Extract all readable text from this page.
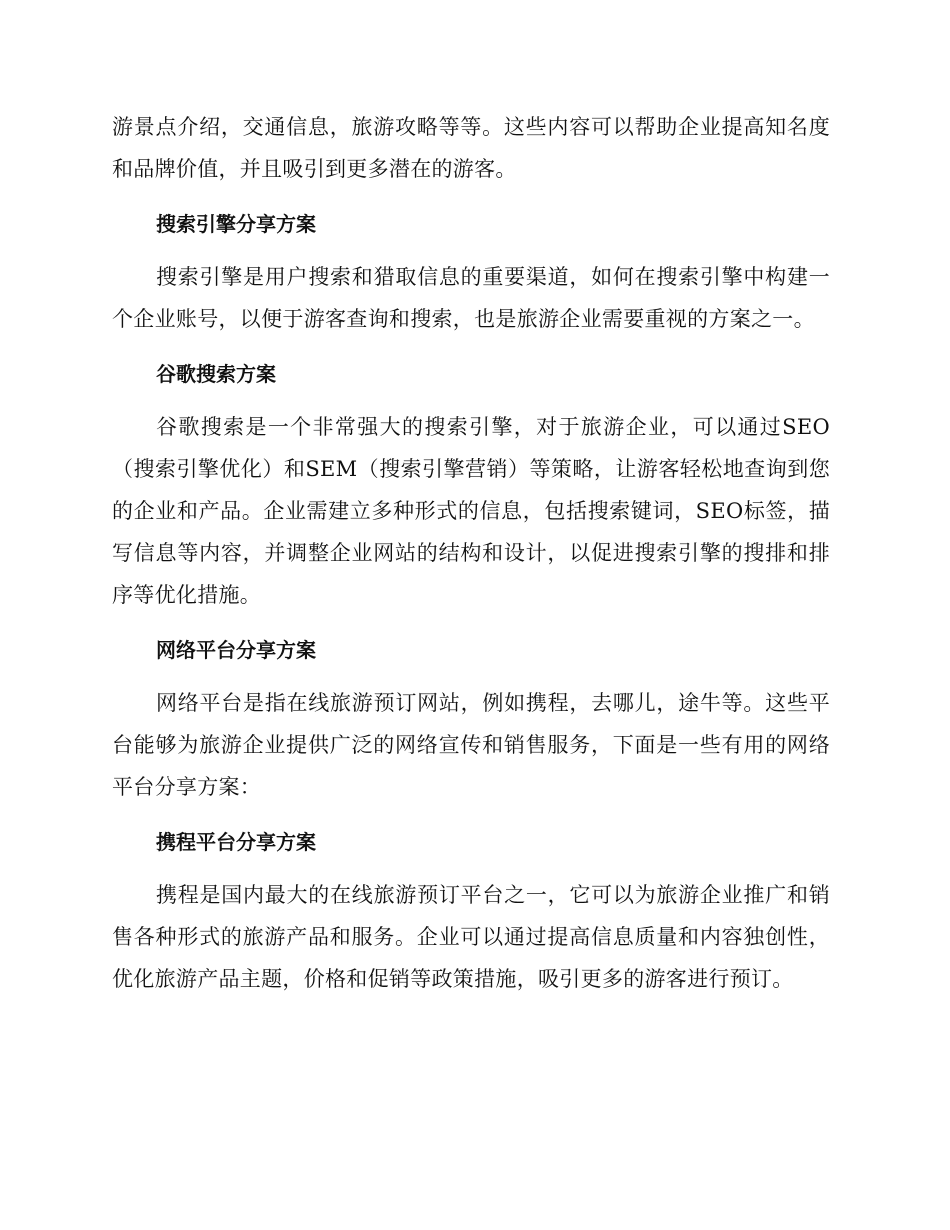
游景点介绍，交通信息，旅游攻略等等。这些内容可以帮助企业提高知名度和品牌价值，并且吸引到更多潜在的游客。

搜索引擎分享方案

搜索引擎是用户搜索和猎取信息的重要渠道，如何在搜索引擎中构建一个企业账号，以便于游客查询和搜索，也是旅游企业需要重视的方案之一。

谷歌搜索方案

谷歌搜索是一个非常强大的搜索引擎，对于旅游企业，可以通过SEO（搜索引擎优化）和SEM（搜索引擎营销）等策略，让游客轻松地查询到您的企业和产品。企业需建立多种形式的信息，包括搜索键词，SEO标签，描写信息等内容，并调整企业网站的结构和设计，以促进搜索引擎的搜排和排序等优化措施。

网络平台分享方案

网络平台是指在线旅游预订网站，例如携程，去哪儿，途牛等。这些平台能够为旅游企业提供广泛的网络宣传和销售服务，下面是一些有用的网络平台分享方案：

携程平台分享方案

携程是国内最大的在线旅游预订平台之一，它可以为旅游企业推广和销售各种形式的旅游产品和服务。企业可以通过提高信息质量和内容独创性，优化旅游产品主题，价格和促销等政策措施，吸引更多的游客进行预订。
